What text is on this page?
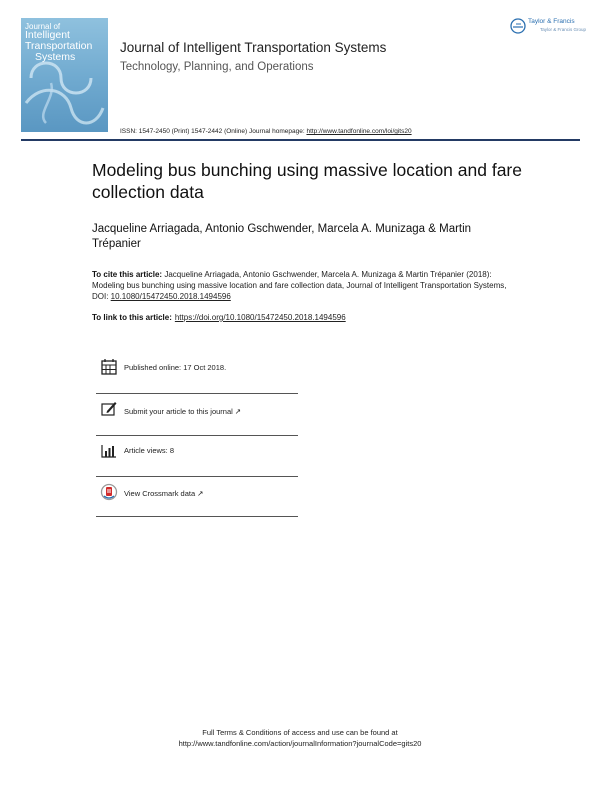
Journal of
Intelligent
Transportation
Systems
Journal of Intelligent Transportation Systems
Technology, Planning, and Operations
ISSN: 1547-2450 (Print) 1547-2442 (Online) Journal homepage: http://www.tandfonline.com/loi/gits20
Taylor & Francis
Taylor & Francis Group
Modeling bus bunching using massive location and fare collection data
Jacqueline Arriagada, Antonio Gschwender, Marcela A. Munizaga & Martin Trépanier
To cite this article: Jacqueline Arriagada, Antonio Gschwender, Marcela A. Munizaga & Martin Trépanier (2018): Modeling bus bunching using massive location and fare collection data, Journal of Intelligent Transportation Systems, DOI: 10.1080/15472450.2018.1494596
To link to this article: https://doi.org/10.1080/15472450.2018.1494596
Published online: 17 Oct 2018.
Submit your article to this journal ↗
Article views: 8
View Crossmark data ↗
Full Terms & Conditions of access and use can be found at
http://www.tandfonline.com/action/journalInformation?journalCode=gits20
